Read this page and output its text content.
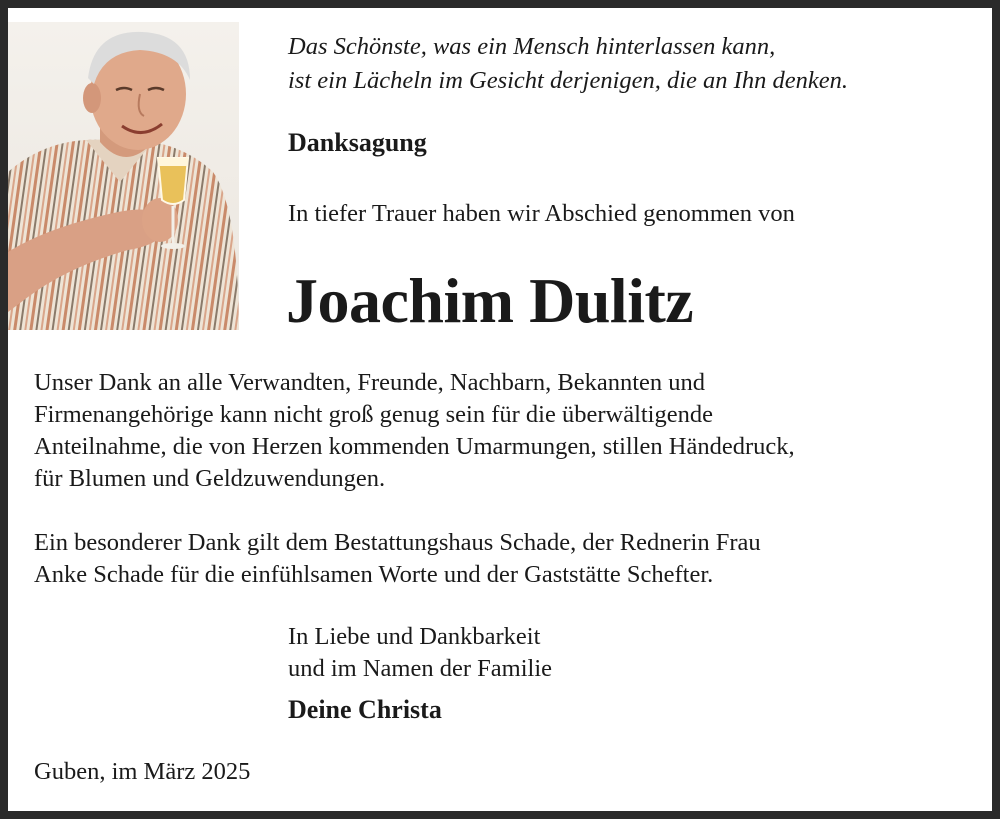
Das Schönste, was ein Mensch hinterlassen kann,
ist ein Lächeln im Gesicht derjenigen, die an Ihn denken.
Danksagung
In tiefer Trauer haben wir Abschied genommen von
Joachim Dulitz
Unser Dank an alle Verwandten, Freunde, Nachbarn, Bekannten und
Firmenangehörige kann nicht groß genug sein für die überwältigende
Anteilnahme, die von Herzen kommenden Umarmungen, stillen Händedruck,
für Blumen und Geldzuwendungen.
Ein besonderer Dank gilt dem Bestattungshaus Schade, der Rednerin Frau
Anke Schade für die einfühlsamen Worte und der Gaststätte Schefter.
In Liebe und Dankbarkeit
und im Namen der Familie
Deine Christa
Guben, im März 2025
